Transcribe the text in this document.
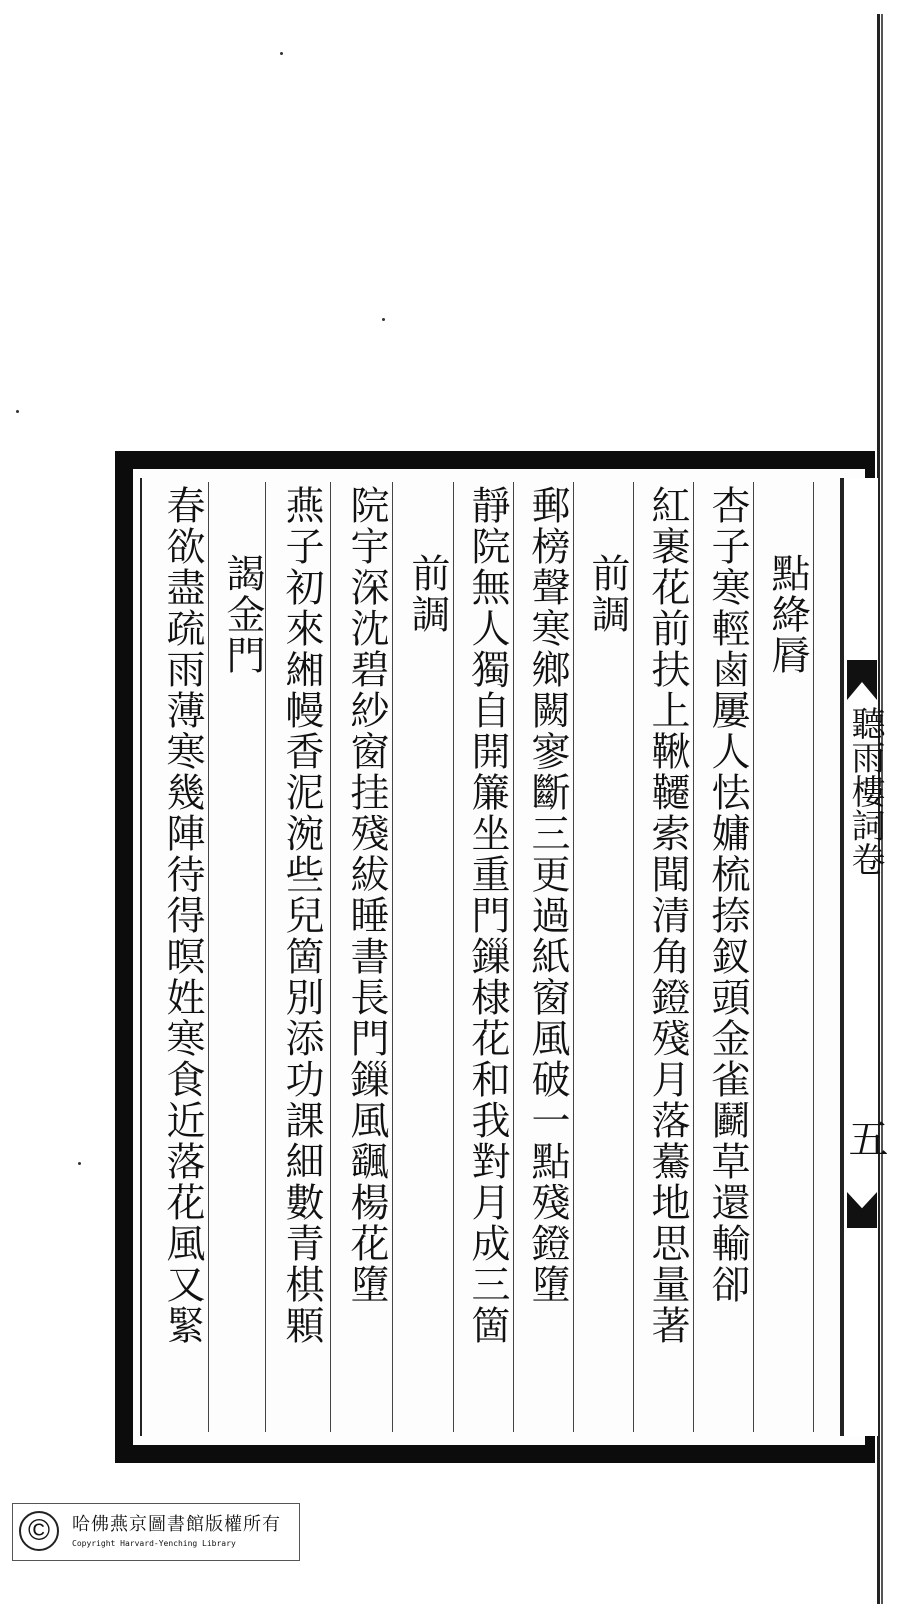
聽雨樓詞卷
五
點絳脣
杏子寒輕鹵屢人怯嫞梳捺釵頭金雀鬬草還輸卻
紅裹花前扶上鞦韆索聞清角鐙殘月落驀地思量著
前調
郵榜聲寒鄉闕寥斷三更過紙窗風破一點殘鐙墮
靜院無人獨自開簾坐重門鏁棣花和我對月成三箇
前調
院宇深沈碧紗窗挂殘紱睡書長門鏁風颻楊花墮
燕子初來緗幔香泥涴些兒箇別添功課細數青棋顆
謁金門
春欲盡疏雨薄寒幾陣待得暝姓寒食近落花風又緊
©	哈佛燕京圖書館版權所有
Copyright Harvard-Yenching Library
